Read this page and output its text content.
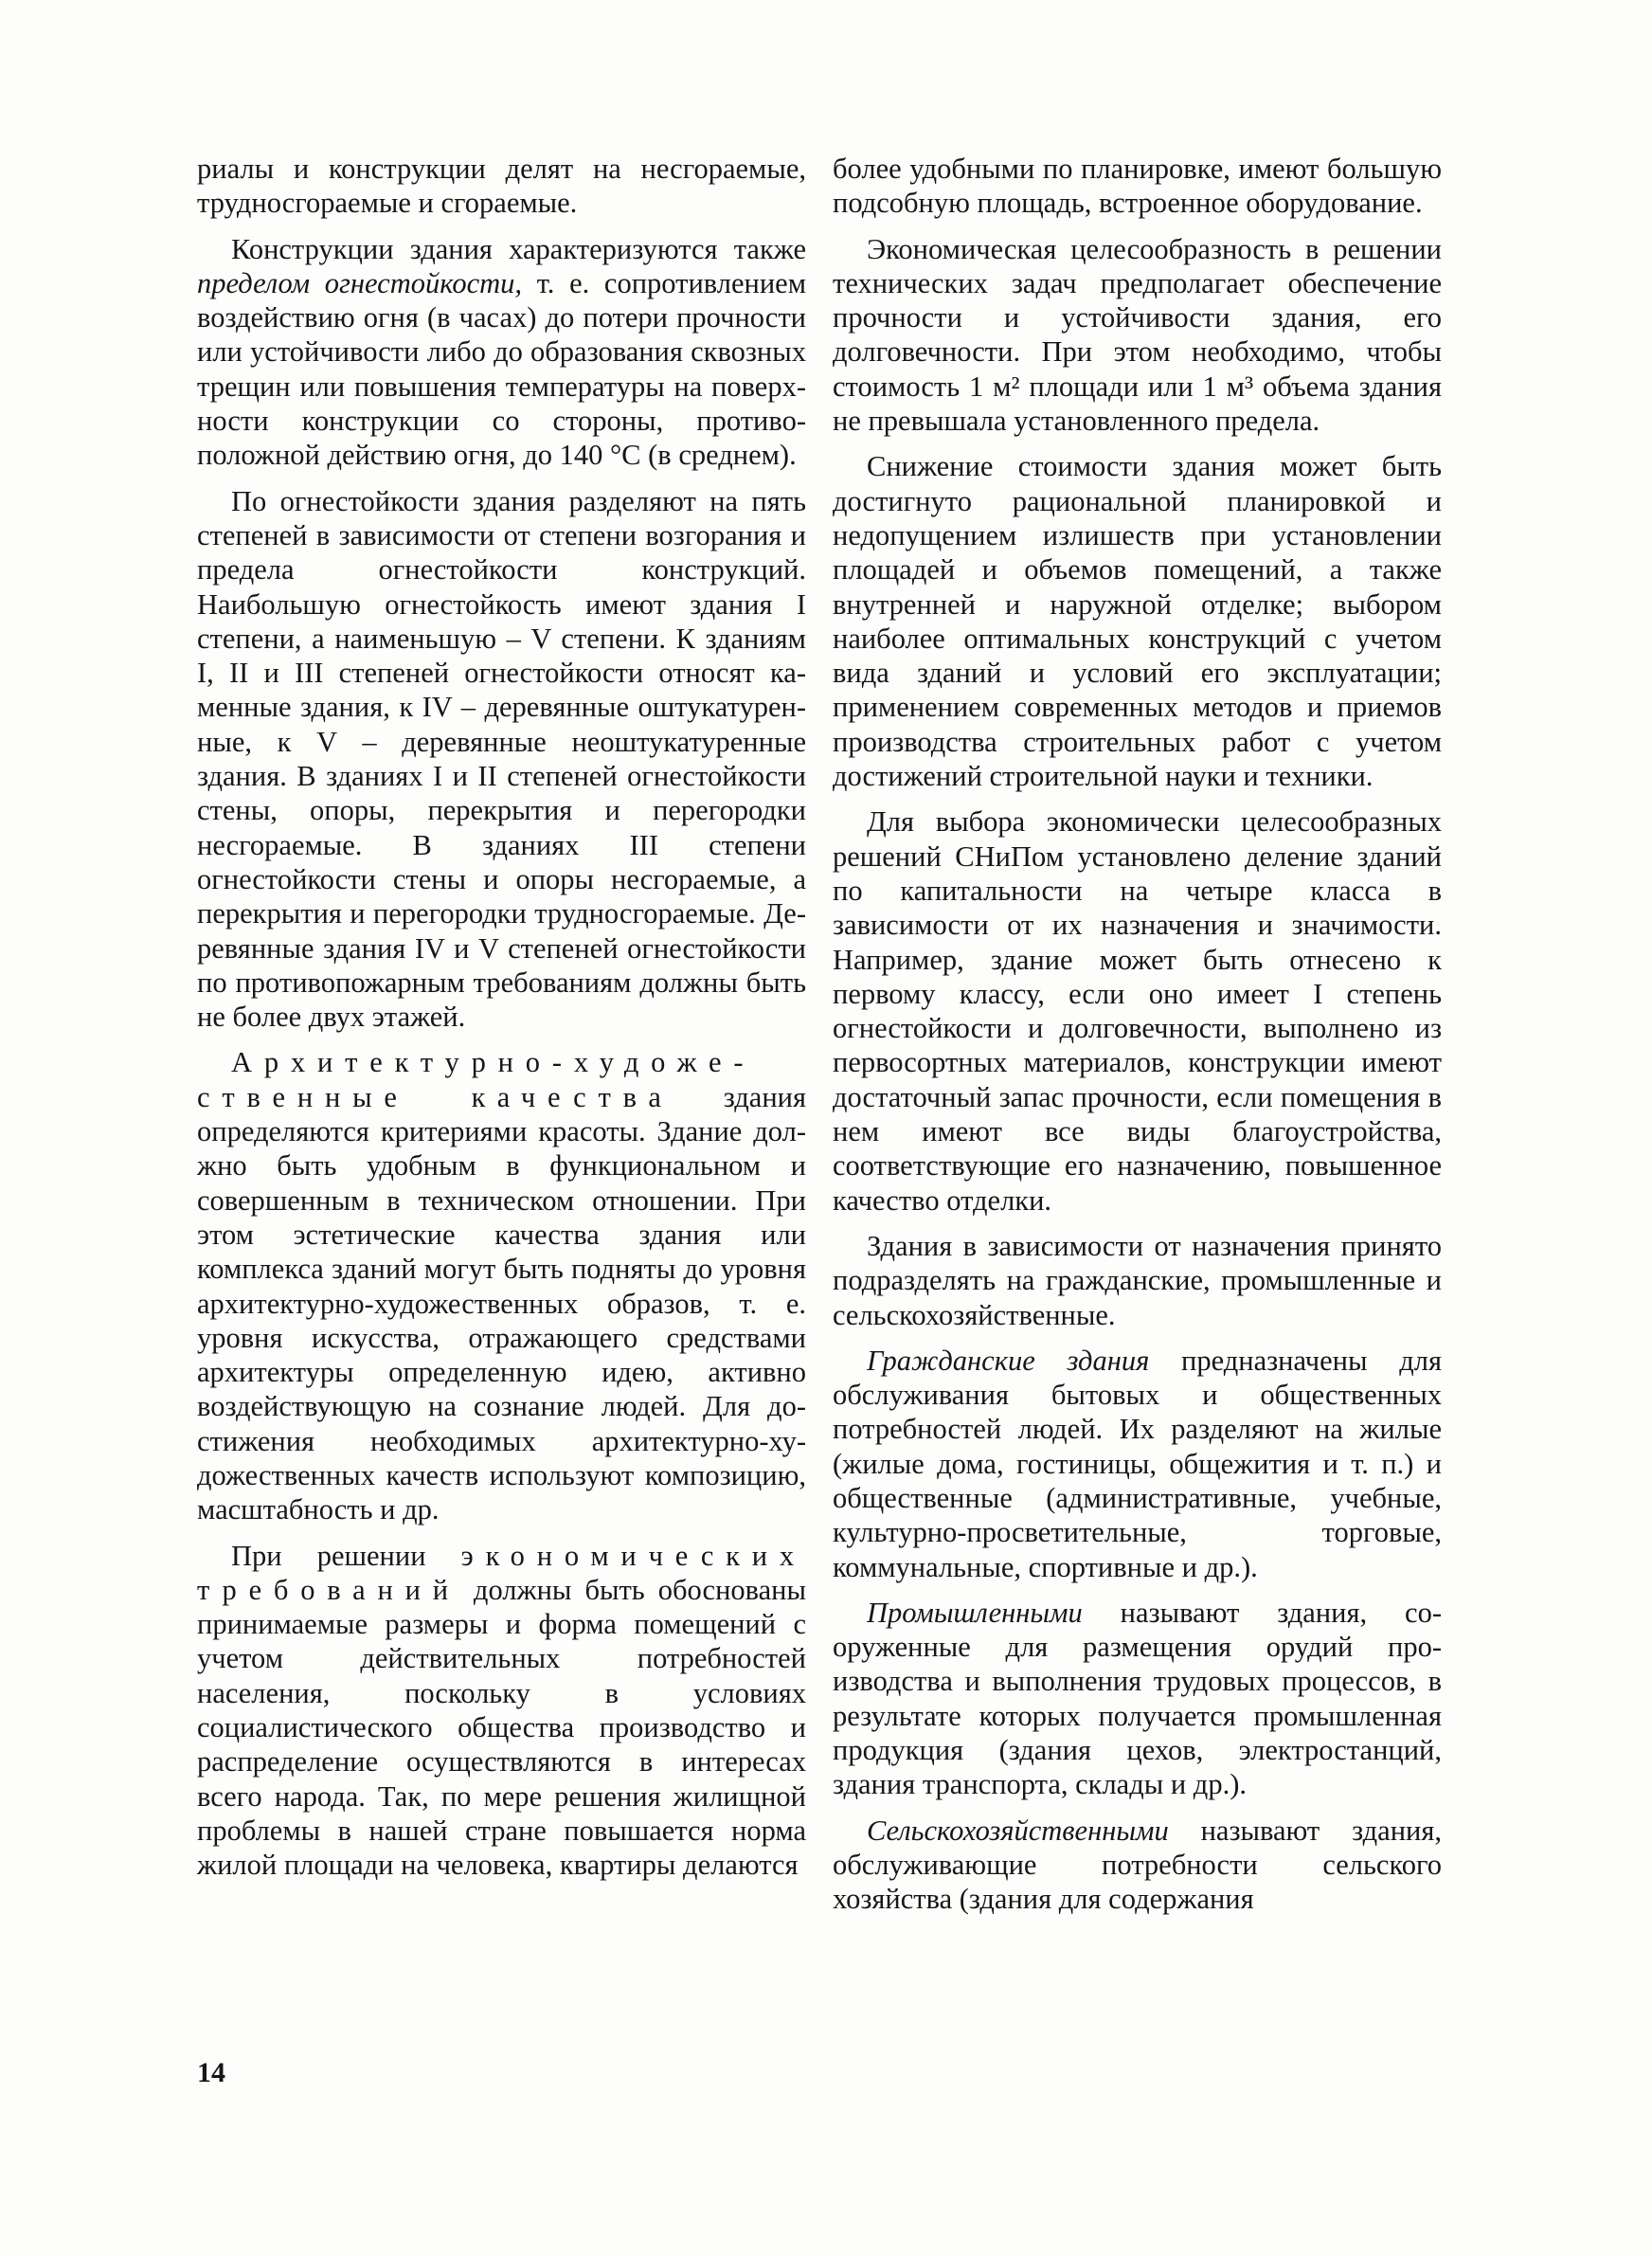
риалы и конструкции делят на несгораемые, трудносгораемые и сгораемые.

Конструкции здания характеризуются также пределом огнестойкости, т. е. сопротивлением воздействию огня (в часах) до потери прочности или устойчивости либо до образования сквозных трещин или повышения температуры на поверхности конструкции со стороны, противоположной действию огня, до 140 °С (в среднем).

По огнестойкости здания разделяют на пять степеней в зависимости от степени возгорания и предела огнестойкости конструкций. Наибольшую огнестойкость имеют здания I степени, а наименьшую – V степени. К зданиям I, II и III степеней огнестойкости относят каменные здания, к IV – деревянные оштукатуренные, к V – деревянные неоштукатуренные здания. В зданиях I и II степеней огнестойкости стены, опоры, перекрытия и перегородки несгораемые. В зданиях III степени огнестойкости стены и опоры несгораемые, а перекрытия и перегородки трудносгораемые. Деревянные здания IV и V степеней огнестойкости по противопожарным требованиям должны быть не более двух этажей.

Архитектурно-художественные качества здания определяются критериями красоты. Здание должно быть удобным в функциональном и совершенным в техническом отношении. При этом эстетические качества здания или комплекса зданий могут быть подняты до уровня архитектурно-художественных образов, т. е. уровня искусства, отражающего средствами архитектуры определенную идею, активно воздействующую на сознание людей. Для достижения необходимых архитектурно-художественных качеств используют композицию, масштабность и др.

При решении экономических требований должны быть обоснованы принимаемые размеры и форма помещений с учетом действительных потребностей населения, поскольку в условиях социалистического общества производство и распределение осуществляются в интересах всего народа. Так, по мере решения жилищной проблемы в нашей стране повышается норма жилой площади на человека, квартиры делаются

более удобными по планировке, имеют большую подсобную площадь, встроенное оборудование.

Экономическая целесообразность в решении технических задач предполагает обеспечение прочности и устойчивости здания, его долговечности. При этом необходимо, чтобы стоимость 1 м² площади или 1 м³ объема здания не превышала установленного предела.

Снижение стоимости здания может быть достигнуто рациональной планировкой и недопущением излишеств при установлении площадей и объемов помещений, а также внутренней и наружной отделке; выбором наиболее оптимальных конструкций с учетом вида зданий и условий его эксплуатации; применением современных методов и приемов производства строительных работ с учетом достижений строительной науки и техники.

Для выбора экономически целесообразных решений СНиПом установлено деление зданий по капитальности на четыре класса в зависимости от их назначения и значимости. Например, здание может быть отнесено к первому классу, если оно имеет I степень огнестойкости и долговечности, выполнено из первосортных материалов, конструкции имеют достаточный запас прочности, если помещения в нем имеют все виды благоустройства, соответствующие его назначению, повышенное качество отделки.

Здания в зависимости от назначения принято подразделять на гражданские, промышленные и сельскохозяйственные.

Гражданские здания предназначены для обслуживания бытовых и общественных потребностей людей. Их разделяют на жилые (жилые дома, гостиницы, общежития и т. п.) и общественные (административные, учебные, культурно-просветительные, торговые, коммунальные, спортивные и др.).

Промышленными называют здания, сооруженные для размещения орудий производства и выполнения трудовых процессов, в результате которых получается промышленная продукция (здания цехов, электростанций, здания транспорта, склады и др.).

Сельскохозяйственными называют здания, обслуживающие потребности сельского хозяйства (здания для содержания

14
